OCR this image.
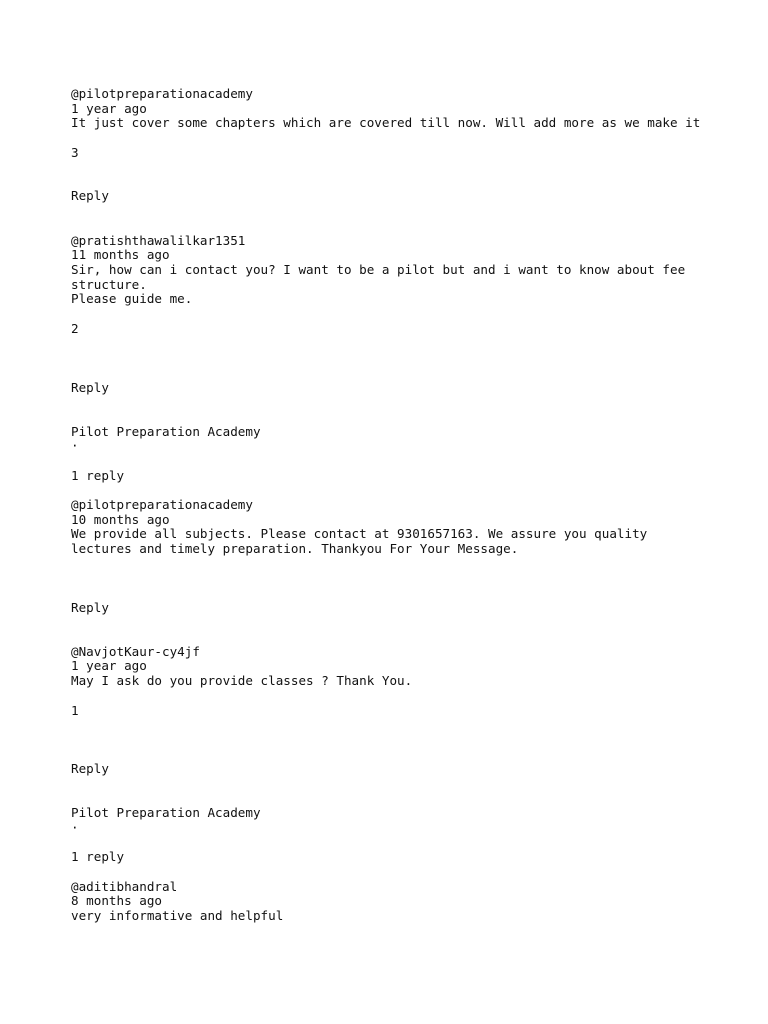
@pilotpreparationacademy
1 year ago
It just cover some chapters which are covered till now. Will add more as we make it
3
Reply
@pratishthawalilkar1351
11 months ago
Sir, how can i contact you? I want to be a pilot but and i want to know about fee structure.
Please guide me.
2
Reply
Pilot Preparation Academy
·
1 reply
@pilotpreparationacademy
10 months ago
We provide all subjects. Please contact at 9301657163. We assure you quality lectures and timely preparation. Thankyou For Your Message.
Reply
@NavjotKaur-cy4jf
1 year ago
May I ask do you provide classes ? Thank You.
1
Reply
Pilot Preparation Academy
·
1 reply
@aditibhandral
8 months ago
very informative and helpful
